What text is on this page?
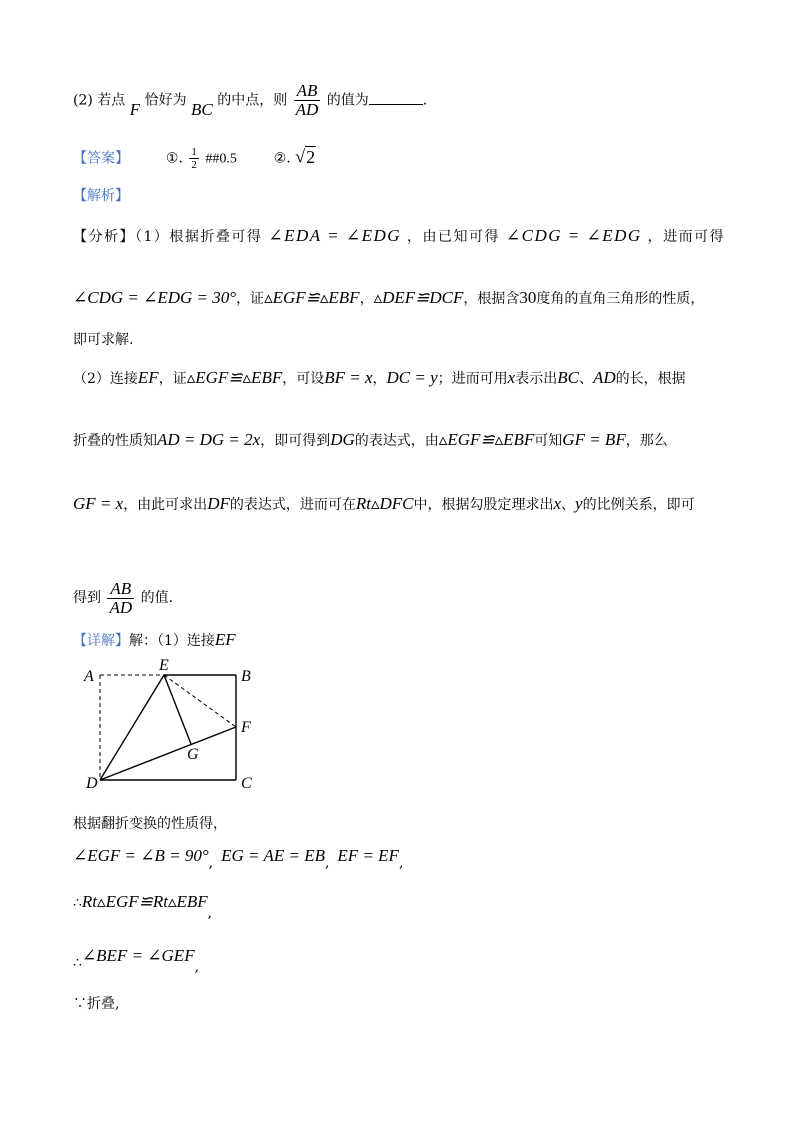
(2) 若点 F 恰好为 BC 的中点，则 $\frac{AB}{AD}$ 的值为	.
【答案】	①. $\frac{1}{2}$ ##0.5	②. √2
【解析】
【分析】（1）根据折叠可得 ∠EDA = ∠EDG ，由已知可得 ∠CDG = ∠EDG ，进而可得
∠CDG = ∠EDG = 30°，证▵EGF≌▵EBF，▵DEF≌DCF，根据含30度角的直角三角形的性质，
即可求解.
（2）连接EF，证▵EGF≌▵EBF，可设BF = x，DC = y；进而可用x表示出BC、AD的长，根据
折叠的性质知AD = DG = 2x，即可得到DG的表达式，由▵EGF≌▵EBF可知GF = BF，那么
GF = x，由此可求出DF的表达式，进而可在Rt▵DFC中，根据勾股定理求出x、y的比例关系，即可
得到 $\frac{AB}{AD}$ 的值.
【详解】解：（1）连接EF
A
E
B
F
G
D	C
根据翻折变换的性质得，
∠EGF = ∠B = 90°, EG = AE = EB, EF = EF,
∴Rt▵EGF≌Rt▵EBF,
∴∠BEF = ∠GEF,
∵折叠,
